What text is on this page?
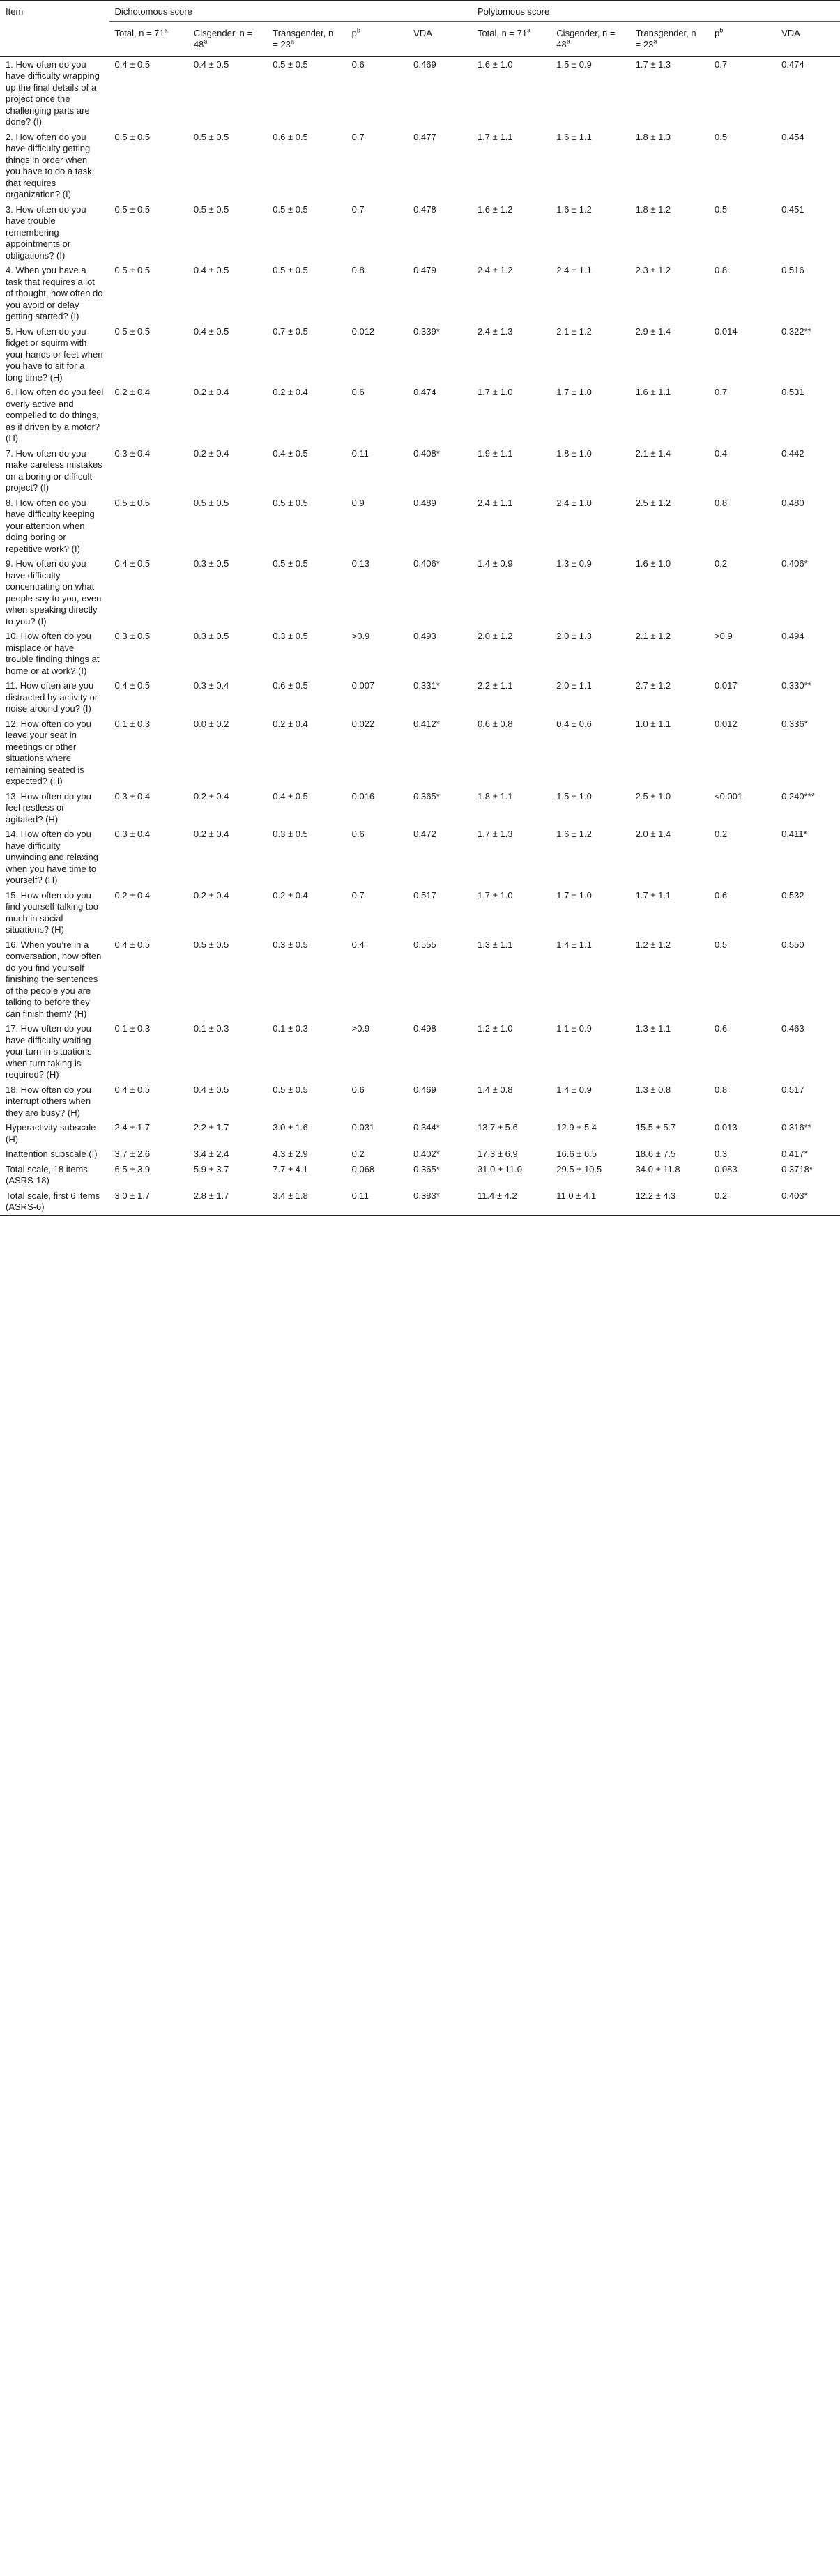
Item	Dichotomous score					Polytomous score				
	Total, $n = 71^a$	Cisgender, $n = 48^a$	Transgender, $n = 23^a$	$p^b$	VDA	Total, $n = 71^a$	Cisgender, $n = 48^a$	Transgender, $n = 23^a$	$p^b$	VDA
1. How often do you have difficulty wrapping up the final details of a project once the challenging parts are done? (I)	0.4 ± 0.5	0.4 ± 0.5	0.5 ± 0.5	0.6	0.469	1.6 ± 1.0	1.5 ± 0.9	1.7 ± 1.3	0.7	0.474
2. How often do you have difficulty getting things in order when you have to do a task that requires organization? (I)	0.5 ± 0.5	0.5 ± 0.5	0.6 ± 0.5	0.7	0.477	1.7 ± 1.1	1.6 ± 1.1	1.8 ± 1.3	0.5	0.454
3. How often do you have trouble remembering appointments or obligations? (I)	0.5 ± 0.5	0.5 ± 0.5	0.5 ± 0.5	0.7	0.478	1.6 ± 1.2	1.6 ± 1.2	1.8 ± 1.2	0.5	0.451
4. When you have a task that requires a lot of thought, how often do you avoid or delay getting started? (I)	0.5 ± 0.5	0.4 ± 0.5	0.5 ± 0.5	0.8	0.479	2.4 ± 1.2	2.4 ± 1.1	2.3 ± 1.2	0.8	0.516
5. How often do you fidget or squirm with your hands or feet when you have to sit for a long time? (H)	0.5 ± 0.5	0.4 ± 0.5	0.7 ± 0.5	0.012	0.339*	2.4 ± 1.3	2.1 ± 1.2	2.9 ± 1.4	0.014	0.322**
6. How often do you feel overly active and compelled to do things, as if driven by a motor? (H)	0.2 ± 0.4	0.2 ± 0.4	0.2 ± 0.4	0.6	0.474	1.7 ± 1.0	1.7 ± 1.0	1.6 ± 1.1	0.7	0.531
7. How often do you make careless mistakes on a boring or difficult project? (I)	0.3 ± 0.4	0.2 ± 0.4	0.4 ± 0.5	0.11	0.408*	1.9 ± 1.1	1.8 ± 1.0	2.1 ± 1.4	0.4	0.442
8. How often do you have difficulty keeping your attention when doing boring or repetitive work? (I)	0.5 ± 0.5	0.5 ± 0.5	0.5 ± 0.5	0.9	0.489	2.4 ± 1.1	2.4 ± 1.0	2.5 ± 1.2	0.8	0.480
9. How often do you have difficulty concentrating on what people say to you, even when speaking directly to you? (I)	0.4 ± 0.5	0.3 ± 0.5	0.5 ± 0.5	0.13	0.406*	1.4 ± 0.9	1.3 ± 0.9	1.6 ± 1.0	0.2	0.406*
10. How often do you misplace or have trouble finding things at home or at work? (I)	0.3 ± 0.5	0.3 ± 0.5	0.3 ± 0.5	>0.9	0.493	2.0 ± 1.2	2.0 ± 1.3	2.1 ± 1.2	>0.9	0.494
11. How often are you distracted by activity or noise around you? (I)	0.4 ± 0.5	0.3 ± 0.4	0.6 ± 0.5	0.007	0.331*	2.2 ± 1.1	2.0 ± 1.1	2.7 ± 1.2	0.017	0.330**
12. How often do you leave your seat in meetings or other situations where remaining seated is expected? (H)	0.1 ± 0.3	0.0 ± 0.2	0.2 ± 0.4	0.022	0.412*	0.6 ± 0.8	0.4 ± 0.6	1.0 ± 1.1	0.012	0.336*
13. How often do you feel restless or agitated? (H)	0.3 ± 0.4	0.2 ± 0.4	0.4 ± 0.5	0.016	0.365*	1.8 ± 1.1	1.5 ± 1.0	2.5 ± 1.0	<0.001	0.240***
14. How often do you have difficulty unwinding and relaxing when you have time to yourself? (H)	0.3 ± 0.4	0.2 ± 0.4	0.3 ± 0.5	0.6	0.472	1.7 ± 1.3	1.6 ± 1.2	2.0 ± 1.4	0.2	0.411*
15. How often do you find yourself talking too much in social situations? (H)	0.2 ± 0.4	0.2 ± 0.4	0.2 ± 0.4	0.7	0.517	1.7 ± 1.0	1.7 ± 1.0	1.7 ± 1.1	0.6	0.532
16. When you’re in a conversation, how often do you find yourself finishing the sentences of the people you are talking to before they can finish them? (H)	0.4 ± 0.5	0.5 ± 0.5	0.3 ± 0.5	0.4	0.555	1.3 ± 1.1	1.4 ± 1.1	1.2 ± 1.2	0.5	0.550
17. How often do you have difficulty waiting your turn in situations when turn taking is required? (H)	0.1 ± 0.3	0.1 ± 0.3	0.1 ± 0.3	>0.9	0.498	1.2 ± 1.0	1.1 ± 0.9	1.3 ± 1.1	0.6	0.463
18. How often do you interrupt others when they are busy? (H)	0.4 ± 0.5	0.4 ± 0.5	0.5 ± 0.5	0.6	0.469	1.4 ± 0.8	1.4 ± 0.9	1.3 ± 0.8	0.8	0.517
Hyperactivity subscale (H)	2.4 ± 1.7	2.2 ± 1.7	3.0 ± 1.6	0.031	0.344*	13.7 ± 5.6	12.9 ± 5.4	15.5 ± 5.7	0.013	0.316**
Inattention subscale (I)	3.7 ± 2.6	3.4 ± 2.4	4.3 ± 2.9	0.2	0.402*	17.3 ± 6.9	16.6 ± 6.5	18.6 ± 7.5	0.3	0.417*
Total scale, 18 items (ASRS-18)	6.5 ± 3.9	5.9 ± 3.7	7.7 ± 4.1	0.068	0.365*	31.0 ± 11.0	29.5 ± 10.5	34.0 ± 11.8	0.083	0.3718*
Total scale, first 6 items (ASRS-6)	3.0 ± 1.7	2.8 ± 1.7	3.4 ± 1.8	0.11	0.383*	11.4 ± 4.2	11.0 ± 4.1	12.2 ± 4.3	0.2	0.403*
